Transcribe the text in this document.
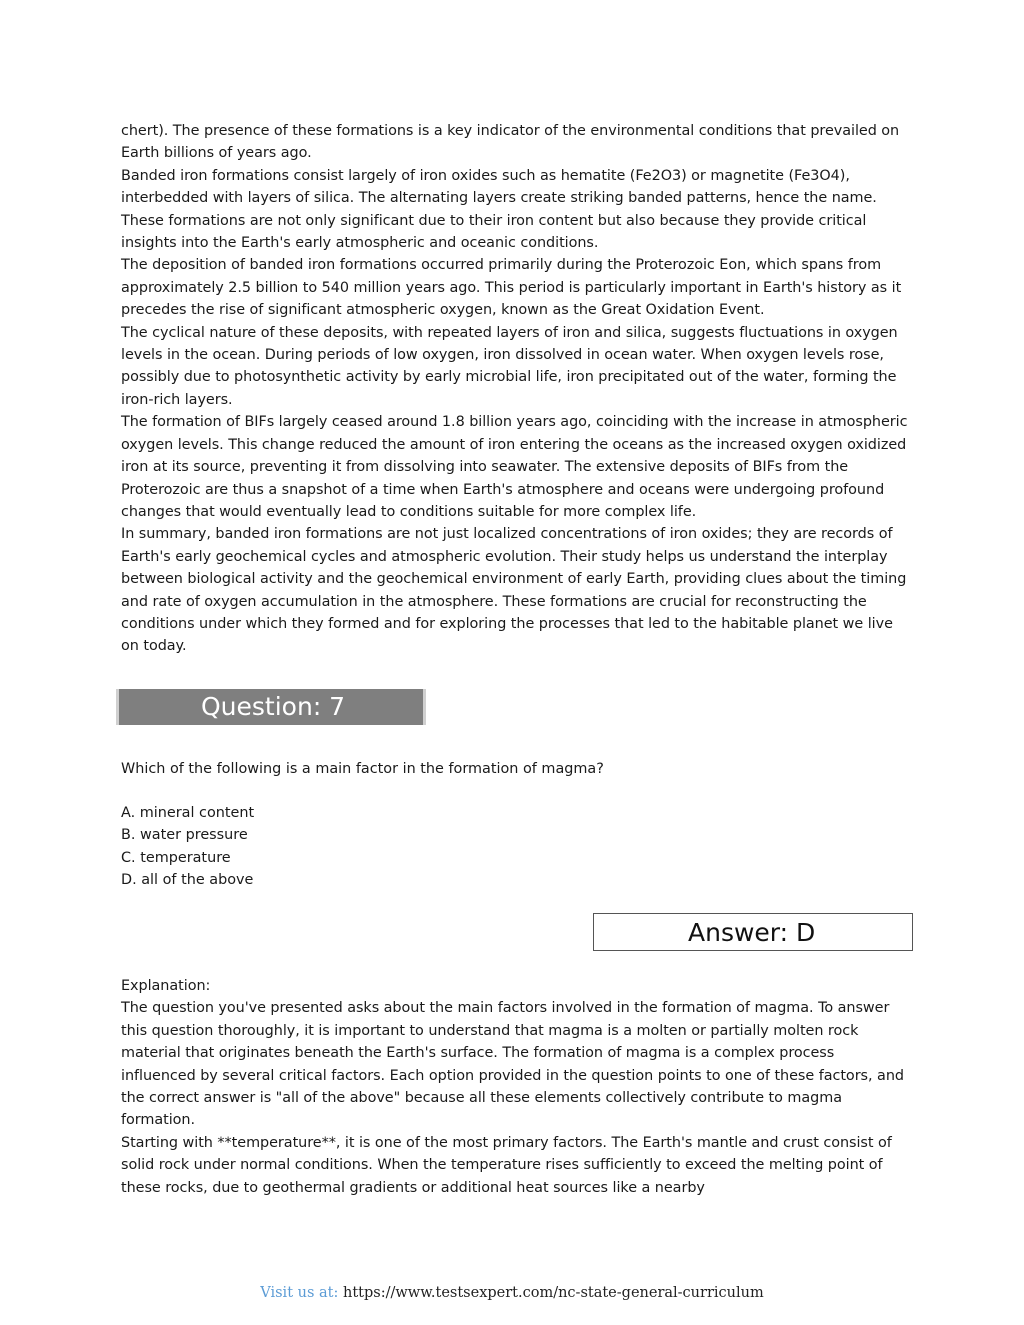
chert). The presence of these formations is a key indicator of the environmental conditions that prevailed on Earth billions of years ago.

Banded iron formations consist largely of iron oxides such as hematite (Fe2O3) or magnetite (Fe3O4), interbedded with layers of silica. The alternating layers create striking banded patterns, hence the name. These formations are not only significant due to their iron content but also because they provide critical insights into the Earth's early atmospheric and oceanic conditions.

The deposition of banded iron formations occurred primarily during the Proterozoic Eon, which spans from approximately 2.5 billion to 540 million years ago. This period is particularly important in Earth's history as it precedes the rise of significant atmospheric oxygen, known as the Great Oxidation Event.

The cyclical nature of these deposits, with repeated layers of iron and silica, suggests fluctuations in oxygen levels in the ocean. During periods of low oxygen, iron dissolved in ocean water. When oxygen levels rose, possibly due to photosynthetic activity by early microbial life, iron precipitated out of the water, forming the iron-rich layers.

The formation of BIFs largely ceased around 1.8 billion years ago, coinciding with the increase in atmospheric oxygen levels. This change reduced the amount of iron entering the oceans as the increased oxygen oxidized iron at its source, preventing it from dissolving into seawater. The extensive deposits of BIFs from the Proterozoic are thus a snapshot of a time when Earth's atmosphere and oceans were undergoing profound changes that would eventually lead to conditions suitable for more complex life.

In summary, banded iron formations are not just localized concentrations of iron oxides; they are records of Earth's early geochemical cycles and atmospheric evolution. Their study helps us understand the interplay between biological activity and the geochemical environment of early Earth, providing clues about the timing and rate of oxygen accumulation in the atmosphere. These formations are crucial for reconstructing the conditions under which they formed and for exploring the processes that led to the habitable planet we live on today.

Question: 7

Which of the following is a main factor in the formation of magma?

A. mineral content
B. water pressure
C. temperature
D. all of the above
Answer: D

Explanation:

The question you've presented asks about the main factors involved in the formation of magma. To answer this question thoroughly, it is important to understand that magma is a molten or partially molten rock material that originates beneath the Earth's surface. The formation of magma is a complex process influenced by several critical factors. Each option provided in the question points to one of these factors, and the correct answer is "all of the above" because all these elements collectively contribute to magma formation.

Starting with **temperature**, it is one of the most primary factors. The Earth's mantle and crust consist of solid rock under normal conditions. When the temperature rises sufficiently to exceed the melting point of these rocks, due to geothermal gradients or additional heat sources like a nearby

Visit us at: https://www.testsexpert.com/nc-state-general-curriculum
